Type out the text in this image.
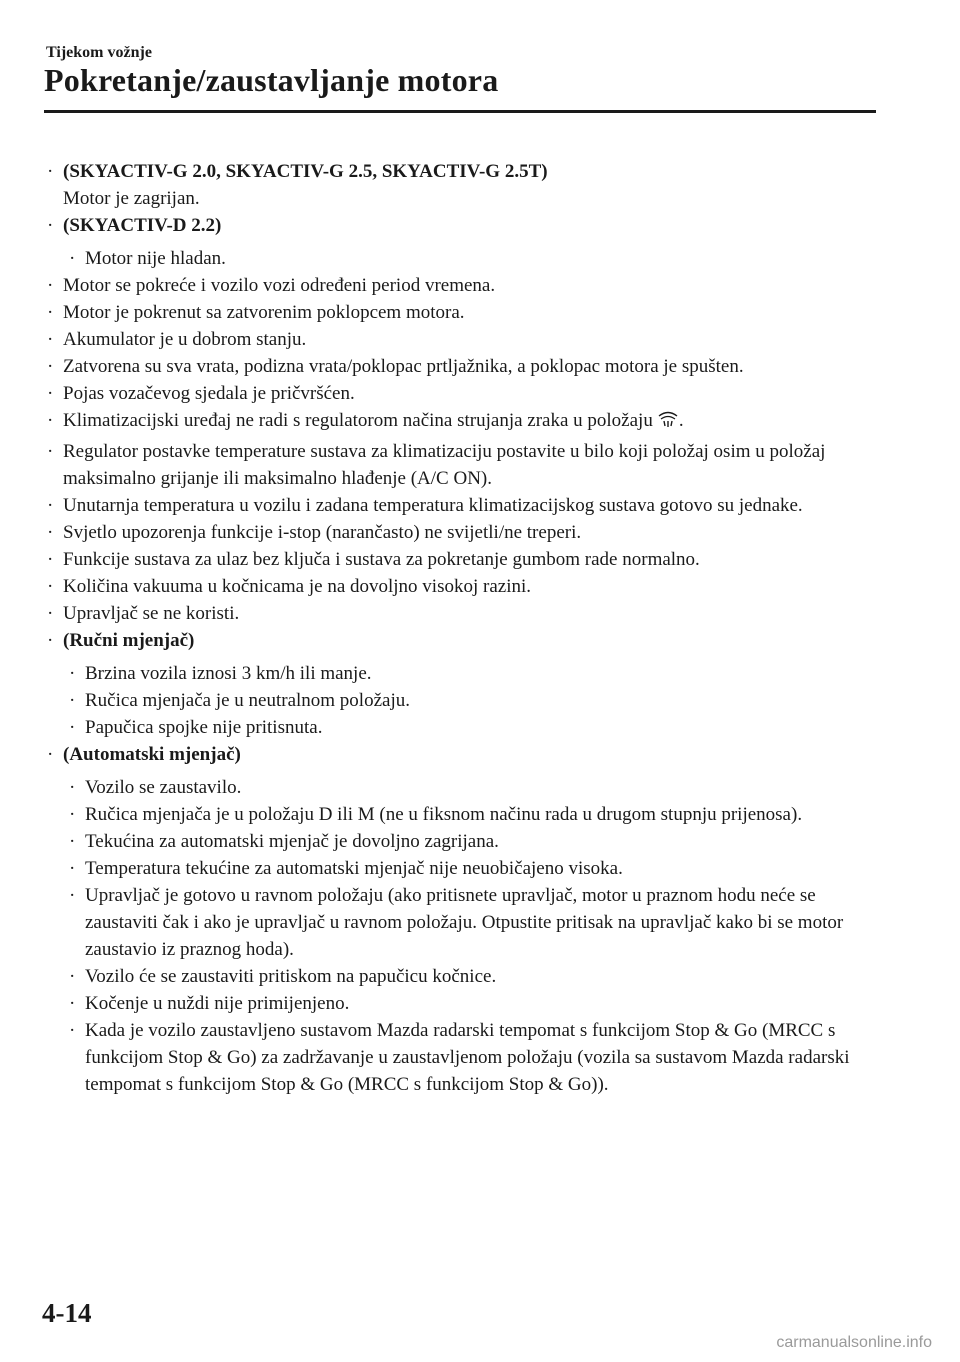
Tijekom vožnje
Pokretanje/zaustavljanje motora
· (SKYACTIV-G 2.0, SKYACTIV-G 2.5, SKYACTIV-G 2.5T)
Motor je zagrijan.
· (SKYACTIV-D 2.2)
· Motor nije hladan.
· Motor se pokreće i vozilo vozi određeni period vremena.
· Motor je pokrenut sa zatvorenim poklopcem motora.
· Akumulator je u dobrom stanju.
· Zatvorena su sva vrata, podizna vrata/poklopac prtljažnika, a poklopac motora je spušten.
· Pojas vozačevog sjedala je pričvršćen.
· Klimatizacijski uređaj ne radi s regulatorom načina strujanja zraka u položaju .
· Regulator postavke temperature sustava za klimatizaciju postavite u bilo koji položaj osim u položaj maksimalno grijanje ili maksimalno hlađenje (A/C ON).
· Unutarnja temperatura u vozilu i zadana temperatura klimatizacijskog sustava gotovo su jednake.
· Svjetlo upozorenja funkcije i-stop (narančasto) ne svijetli/ne treperi.
· Funkcije sustava za ulaz bez ključa i sustava za pokretanje gumbom rade normalno.
· Količina vakuuma u kočnicama je na dovoljno visokoj razini.
· Upravljač se ne koristi.
· (Ručni mjenjač)
· Brzina vozila iznosi 3 km/h ili manje.
· Ručica mjenjača je u neutralnom položaju.
· Papučica spojke nije pritisnuta.
· (Automatski mjenjač)
· Vozilo se zaustavilo.
· Ručica mjenjača je u položaju D ili M (ne u fiksnom načinu rada u drugom stupnju prijenosa).
· Tekućina za automatski mjenjač je dovoljno zagrijana.
· Temperatura tekućine za automatski mjenjač nije neuobičajeno visoka.
· Upravljač je gotovo u ravnom položaju (ako pritisnete upravljač, motor u praznom hodu neće se zaustaviti čak i ako je upravljač u ravnom položaju. Otpustite pritisak na upravljač kako bi se motor zaustavio iz praznog hoda).
· Vozilo će se zaustaviti pritiskom na papučicu kočnice.
· Kočenje u nuždi nije primijenjeno.
· Kada je vozilo zaustavljeno sustavom Mazda radarski tempomat s funkcijom Stop & Go (MRCC s funkcijom Stop & Go) za zadržavanje u zaustavljenom položaju (vozila sa sustavom Mazda radarski tempomat s funkcijom Stop & Go (MRCC s funkcijom Stop & Go)).
4-14
carmanualsonline.info
